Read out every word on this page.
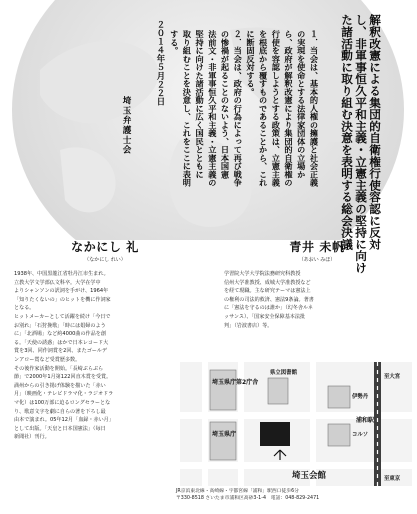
解釈改憲による集団的自衛権行使容認に反対
し、非軍事恒久平和主義・立憲主義の堅持に向け
た諸活動に取り組む決意を表明する総会決議
１．当会は、基本的人権の擁護と社会正義
の実現を使命とする法律家団体の立場か
ら、政府が解釈改憲により集団的自衛権の
行使を容認しようとする政策は、立憲主義
を根底から覆すものであることから、これ
に断固反対する。
２．当会は、政府の行為によって再び戦争
の惨禍が起ることのないよう、日本国憲
法前文・非軍事恒久平和主義・立憲主義の
堅持に向けた諸活動に広く国民とともに
取り組むことを決意し、これをここに表明
する。
２０１４年５月２２日
埼玉弁護士会
なかにし 礼
（なかにし れい）
1938年、中国黒龍江省牡丹江市生まれ。
立教大学文学部仏文科卒。大学在学中
よりシャンソンの訳詞を手がけ、1964年
「知りたくないの」のヒットを機に作詞家
となる。
ヒットメーカーとして活躍を続け「今日で
お別れ」「石狩挽歌」「時には娼婦のよう
に」「北酒場」など約4000曲の作品を創
る。「天使の誘惑」はかで日本レコード大
賞を3回、同作詞賞を2回、またゴールデ
ンアロー賞など受賞歴多数。
その後作家活動を開始。「長崎ぶらぶら
節」で2000年1月第122回直木賞を受賞。
満州からの引き揚げ体験を描いた「赤い
月」（映画化・テレビドラマ化・ラジオドラ
マ化）は100万部に迫るロングセラーとな
り、歌意文字を劇に自らの著を下ろし最
由本で演まれ。05年12月「血録・赤い月」
として出版。「天皇と日本国憲法」（毎日
新聞社）刊行。
青井 未帆
（あおい みほ）
学習院大学大学院法務研究科教授
信州大学准教授、成城大学准教授など
を経て現職。主な研究テーマは憲法上
の権利の司法的救済、憲法9条論。著書
に「憲法を守るのは誰か」（幻冬舎ルネ
ッサンス）、「国家安全保障基本法批
判」（岩波書店）等。
埼玉県庁第2庁舎
埼玉県庁
県立図書館
伊勢丹
コルソ
浦和駅
埼玉会館
至大宮
至東京
JR京浜東北線・高崎線・宇都宮線「浦和」駅西口徒歩6分
〒330-8518 さいたま市浦和区高砂3-1-4　電話：048-829-2471
